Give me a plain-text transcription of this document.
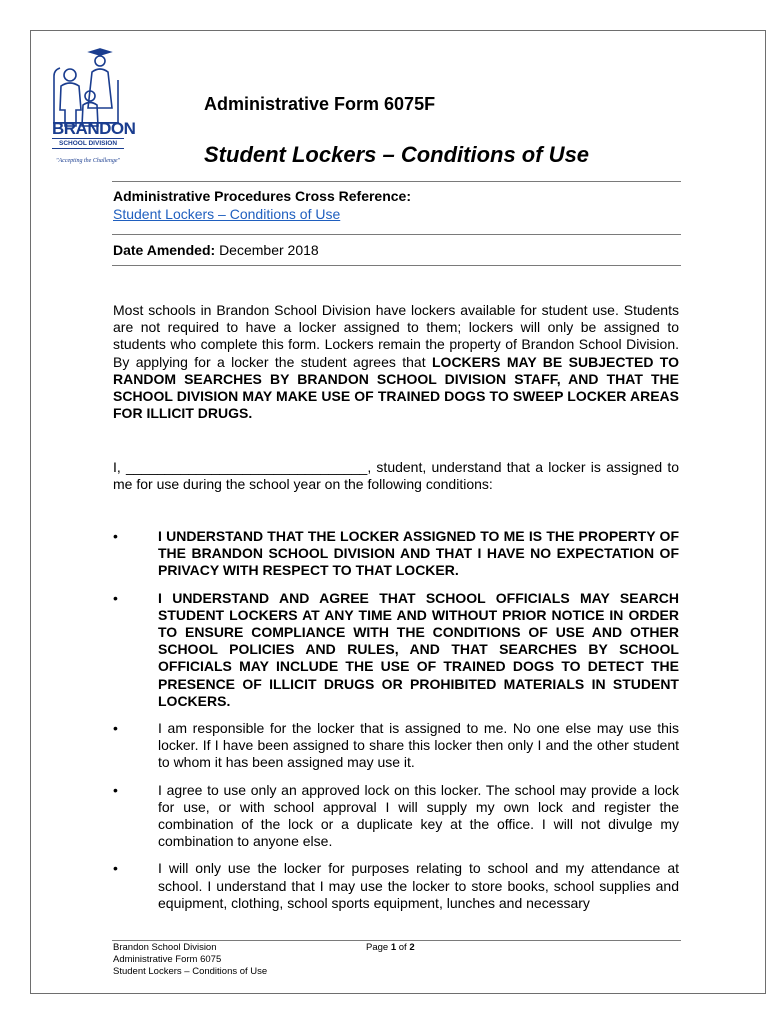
BRANDON
SCHOOL DIVISION
"Accepting the Challenge"
Administrative Form 6075F
Student Lockers – Conditions of Use
Administrative Procedures Cross Reference:
Student Lockers – Conditions of Use
Date Amended: December 2018
Most schools in Brandon School Division have lockers available for student use. Students are not required to have a locker assigned to them; lockers will only be assigned to students who complete this form. Lockers remain the property of Brandon School Division. By applying for a locker the student agrees that LOCKERS MAY BE SUBJECTED TO RANDOM SEARCHES BY BRANDON SCHOOL DIVISION STAFF, AND THAT THE SCHOOL DIVISION MAY MAKE USE OF TRAINED DOGS TO SWEEP LOCKER AREAS FOR ILLICIT DRUGS.
I, _______________________________, student, understand that a locker is assigned to me for use during the school year on the following conditions:
•	I UNDERSTAND THAT THE LOCKER ASSIGNED TO ME IS THE PROPERTY OF THE BRANDON SCHOOL DIVISION AND THAT I HAVE NO EXPECTATION OF PRIVACY WITH RESPECT TO THAT LOCKER.
•	I UNDERSTAND AND AGREE THAT SCHOOL OFFICIALS MAY SEARCH STUDENT LOCKERS AT ANY TIME AND WITHOUT PRIOR NOTICE IN ORDER TO ENSURE COMPLIANCE WITH THE CONDITIONS OF USE AND OTHER SCHOOL POLICIES AND RULES, AND THAT SEARCHES BY SCHOOL OFFICIALS MAY INCLUDE THE USE OF TRAINED DOGS TO DETECT THE PRESENCE OF ILLICIT DRUGS OR PROHIBITED MATERIALS IN STUDENT LOCKERS.
•	I am responsible for the locker that is assigned to me. No one else may use this locker. If I have been assigned to share this locker then only I and the other student to whom it has been assigned may use it.
•	I agree to use only an approved lock on this locker. The school may provide a lock for use, or with school approval I will supply my own lock and register the combination of the lock or a duplicate key at the office. I will not divulge my combination to anyone else.
•	I will only use the locker for purposes relating to school and my attendance at school. I understand that I may use the locker to store books, school supplies and equipment, clothing, school sports equipment, lunches and necessary
Brandon School Division
Administrative Form 6075
Student Lockers – Conditions of Use
Page 1 of 2
